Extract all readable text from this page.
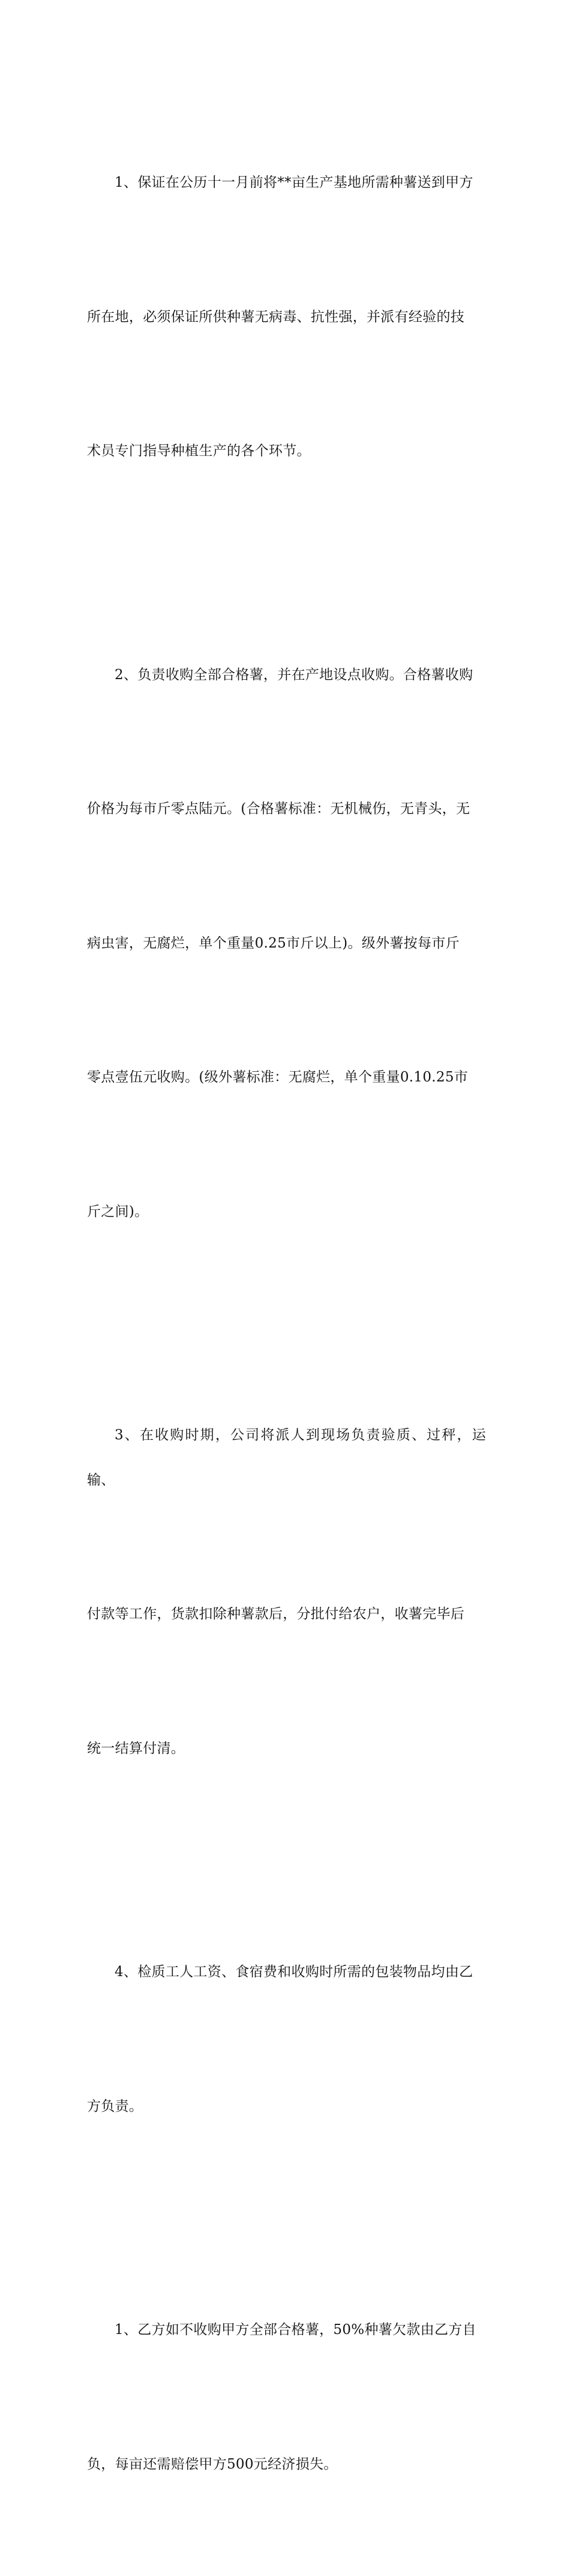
1、保证在公历十一月前将**亩生产基地所需种薯送到甲方

所在地，必须保证所供种薯无病毒、抗性强，并派有经验的技

术员专门指导种植生产的各个环节。

2、负责收购全部合格薯，并在产地设点收购。合格薯收购

价格为每市斤零点陆元。(合格薯标准：无机械伤，无青头，无

病虫害，无腐烂，单个重量0.25市斤以上)。级外薯按每市斤

零点壹伍元收购。(级外薯标准：无腐烂，单个重量0.10.25市

斤之间)。

3、在收购时期，公司将派人到现场负责验质、过秤，运输、

付款等工作，货款扣除种薯款后，分批付给农户，收薯完毕后

统一结算付清。

4、检质工人工资、食宿费和收购时所需的包装物品均由乙

方负责。

1、乙方如不收购甲方全部合格薯，50%种薯欠款由乙方自

负，每亩还需赔偿甲方500元经济损失。
